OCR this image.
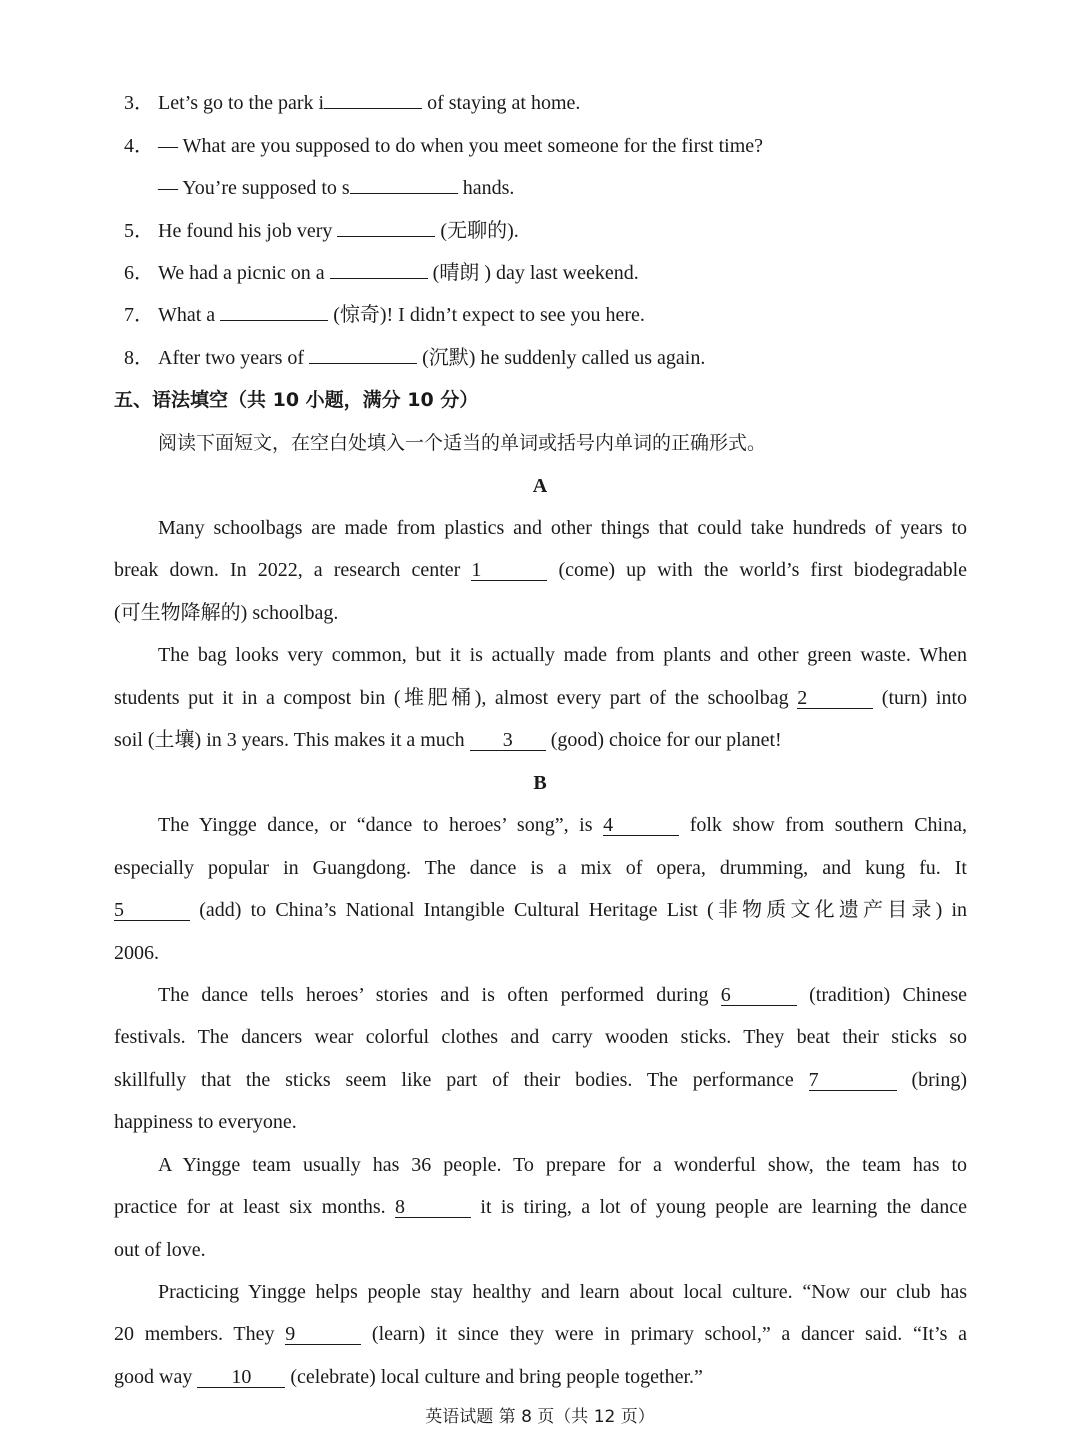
3． Let’s go to the park i	of staying at home.
4． — What are you supposed to do when you meet someone for the first time?
— You’re supposed to s	hands.
5． He found his job very	(无聊的).
6． We had a picnic on a	(晴朗 ) day last weekend.
7． What a	(惊奇)! I didn’t expect to see you here.
8． After two years of	(沉默) he suddenly called us again.
五、语法填空（共 10 小题，满分 10 分）
阅读下面短文，在空白处填入一个适当的单词或括号内单词的正确形式。
A
Many schoolbags are made from plastics and other things that could take hundreds of years to
break down. In 2022, a research center 1	(come) up with the world’s first biodegradable
(可生物降解的) schoolbag.
The bag looks very common, but it is actually made from plants and other green waste. When
students put it in a compost bin (堆肥桶), almost every part of the schoolbag 2	(turn) into
soil (土壤) in 3 years. This makes it a much 3 (good) choice for our planet!
B
The Yingge dance, or “dance to heroes’ song”, is 4	folk show from southern China,
especially popular in Guangdong. The dance is a mix of opera, drumming, and kung fu. It
5	(add) to China’s National Intangible Cultural Heritage List (非物质文化遗产目录) in
2006.
The dance tells heroes’ stories and is often performed during 6	(tradition) Chinese
festivals. The dancers wear colorful clothes and carry wooden sticks. They beat their sticks so
skillfully that the sticks seem like part of their bodies. The performance 7	(bring)
happiness to everyone.
A Yingge team usually has 36 people. To prepare for a wonderful show, the team has to
practice for at least six months. 8	it is tiring, a lot of young people are learning the dance
out of love.
Practicing Yingge helps people stay healthy and learn about local culture. “Now our club has
20 members. They 9	(learn) it since they were in primary school,” a dancer said. “It’s a
good way 10 (celebrate) local culture and bring people together.”
英语试题 第 8 页（共 12 页）
